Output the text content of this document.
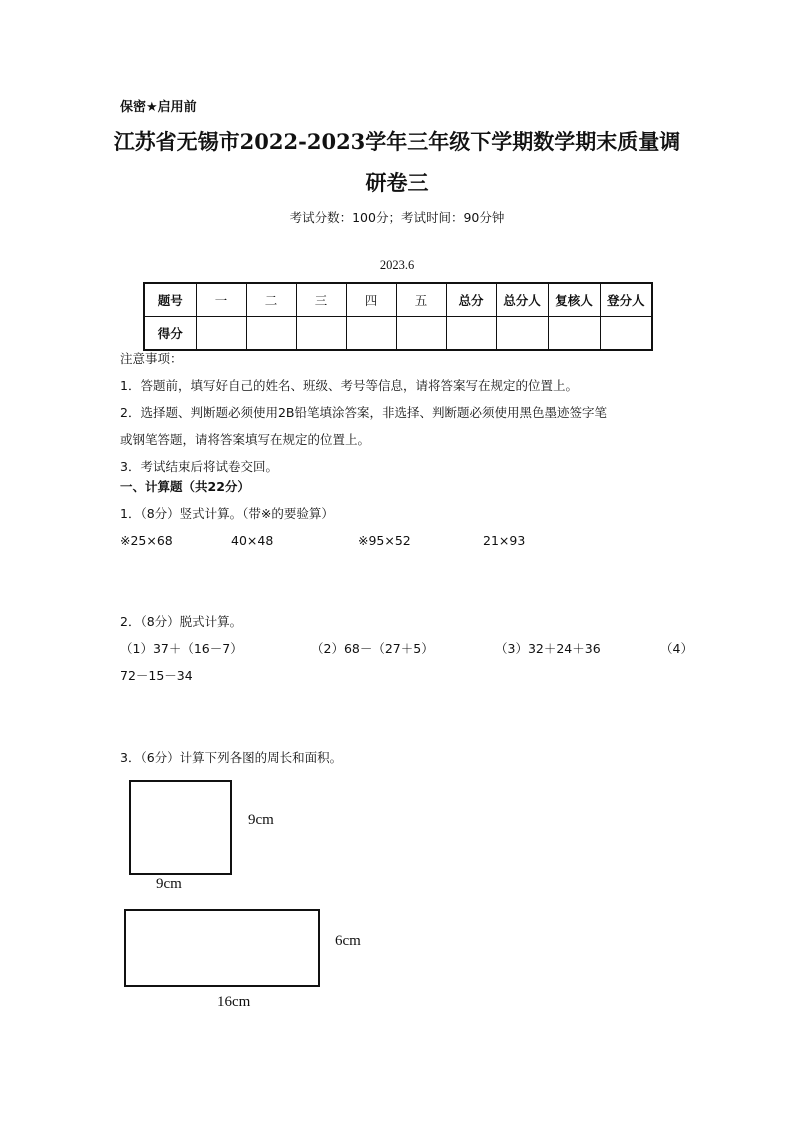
保密★启用前
江苏省无锡市2022-2023学年三年级下学期数学期末质量调
研卷三
考试分数：100分；考试时间：90分钟
2023.6
题号	一	二	三	四	五	总分	总分人	复核人	登分人
得分									
注意事项：
1．答题前，填写好自己的姓名、班级、考号等信息，请将答案写在规定的位置上。
2．选择题、判断题必须使用2B铅笔填涂答案，非选择、判断题必须使用黑色墨迹签字笔
或钢笔答题，请将答案填写在规定的位置上。
3．考试结束后将试卷交回。
一、计算题（共22分）
1．（8分）竖式计算。（带※的要验算）
※25×68	40×48	※95×52	21×93
2．（8分）脱式计算。
（1）37＋（16－7）	（2）68－（27＋5）	（3）32＋24＋36	（4）
72－15－34
3．（6分）计算下列各图的周长和面积。
9cm
9cm
6cm
16cm
